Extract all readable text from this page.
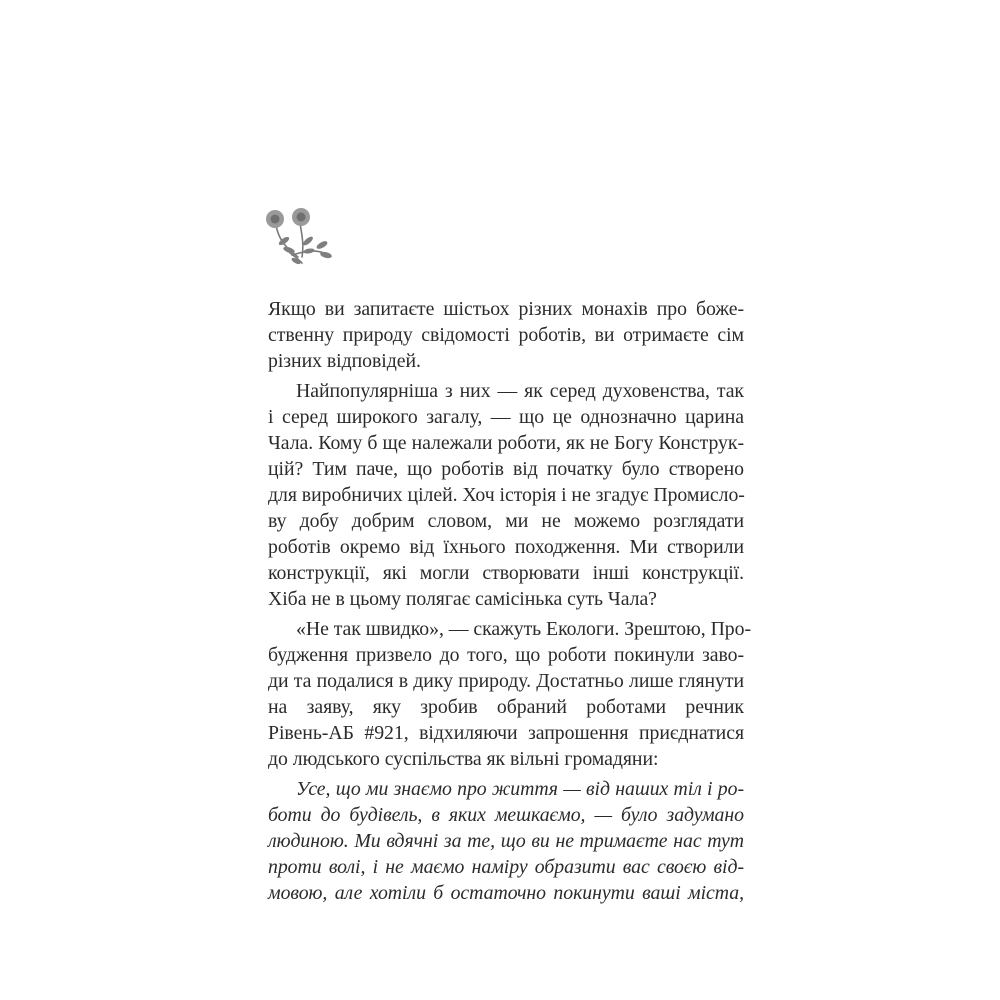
Якщо ви запитаєте шістьох різних монахів про боже-
ственну природу свідомості роботів, ви отримаєте сім
різних відповідей.
Найпопулярніша з них — як серед духовенства, так
і серед широкого загалу, — що це однозначно царина
Чала. Кому б ще належали роботи, як не Богу Конструк-
цій? Тим паче, що роботів від початку було створено
для виробничих цілей. Хоч історія і не згадує Промисло-
ву добу добрим словом, ми не можемо розглядати
роботів окремо від їхнього походження. Ми створили
конструкції, які могли створювати інші конструкції.
Хіба не в цьому полягає самісінька суть Чала?
«Не так швидко», — скажуть Екологи. Зрештою, Про-
будження призвело до того, що роботи покинули заво-
ди та подалися в дику природу. Достатньо лише глянути
на заяву, яку зробив обраний роботами речник
Рівень-АБ #921, відхиляючи запрошення приєднатися
до людського суспільства як вільні громадяни:
Усе, що ми знаємо про життя — від наших тіл і ро-
боти до будівель, в яких мешкаємо, — було задумано
людиною. Ми вдячні за те, що ви не тримаєте нас тут
проти волі, і не маємо наміру образити вас своєю від-
мовою, але хотіли б остаточно покинути ваші міста,
